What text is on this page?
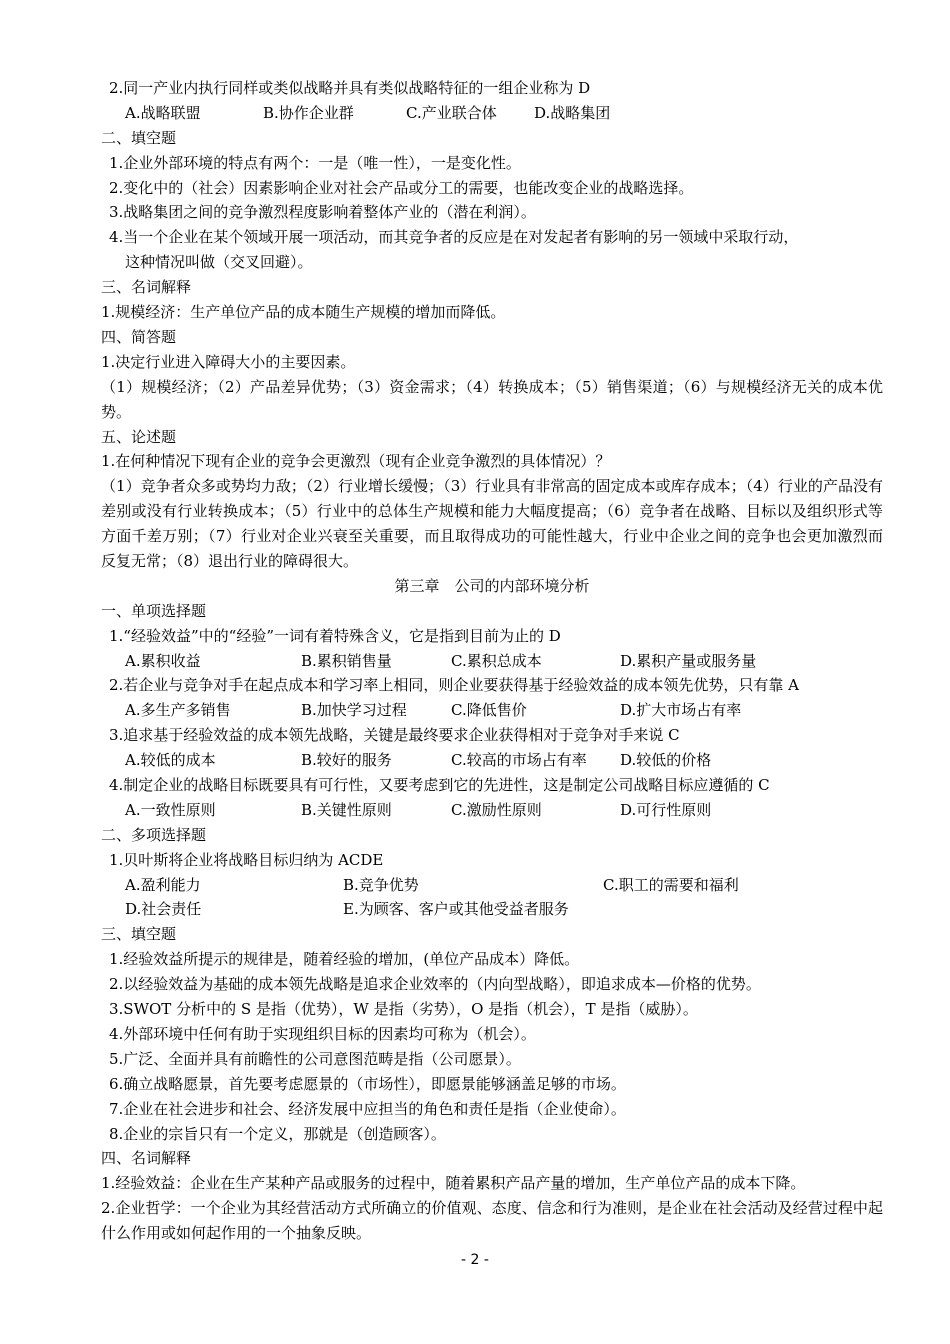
2.同一产业内执行同样或类似战略并具有类似战略特征的一组企业称为 D
A.战略联盟	B.协作企业群	C.产业联合体 D.战略集团
二、填空题
1.企业外部环境的特点有两个：一是（唯一性），一是变化性。
2.变化中的（社会）因素影响企业对社会产品或分工的需要，也能改变企业的战略选择。
3.战略集团之间的竞争激烈程度影响着整体产业的（潜在利润）。
4.当一个企业在某个领域开展一项活动，而其竞争者的反应是在对发起者有影响的另一领域中采取行动，
这种情况叫做（交叉回避）。
三、名词解释
1.规模经济：生产单位产品的成本随生产规模的增加而降低。
四、简答题
1.决定行业进入障碍大小的主要因素。
（1）规模经济；（2）产品差异优势；（3）资金需求；（4）转换成本；（5）销售渠道；（6）与规模经济无关的成本优势。
五、论述题
1.在何种情况下现有企业的竞争会更激烈（现有企业竞争激烈的具体情况）？
（1）竞争者众多或势均力敌；（2）行业增长缓慢；（3）行业具有非常高的固定成本或库存成本；（4）行业的产品没有差别或没有行业转换成本；（5）行业中的总体生产规模和能力大幅度提高；（6）竞争者在战略、目标以及组织形式等方面千差万别；（7）行业对企业兴衰至关重要，而且取得成功的可能性越大，行业中企业之间的竞争也会更加激烈而反复无常；（8）退出行业的障碍很大。
第三章　公司的内部环境分析
一、单项选择题
1.“经验效益”中的“经验”一词有着特殊含义，它是指到目前为止的 D
A.累积收益	B.累积销售量	C.累积总成本	D.累积产量或服务量
2.若企业与竞争对手在起点成本和学习率上相同，则企业要获得基于经验效益的成本领先优势，只有靠 A
A.多生产多销售	B.加快学习过程	C.降低售价	D.扩大市场占有率
3.追求基于经验效益的成本领先战略，关键是最终要求企业获得相对于竞争对手来说 C
A.较低的成本	B.较好的服务	C.较高的市场占有率 D.较低的价格
4.制定企业的战略目标既要具有可行性，又要考虑到它的先进性，这是制定公司战略目标应遵循的 C
A.一致性原则	B.关键性原则	C.激励性原则	D.可行性原则
二、多项选择题
1.贝叶斯将企业将战略目标归纳为 ACDE
A.盈利能力	B.竞争优势	C.职工的需要和福利
D.社会责任	E.为顾客、客户或其他受益者服务
三、填空题
1.经验效益所提示的规律是，随着经验的增加，(单位产品成本）降低。
2.以经验效益为基础的成本领先战略是追求企业效率的（内向型战略），即追求成本—价格的优势。
3.SWOT 分析中的 S 是指（优势），W 是指（劣势），O 是指（机会），T 是指（威胁）。
4.外部环境中任何有助于实现组织目标的因素均可称为（机会）。
5.广泛、全面并具有前瞻性的公司意图范畴是指（公司愿景）。
6.确立战略愿景，首先要考虑愿景的（市场性），即愿景能够涵盖足够的市场。
7.企业在社会进步和社会、经济发展中应担当的角色和责任是指（企业使命）。
8.企业的宗旨只有一个定义，那就是（创造顾客）。
四、名词解释
1.经验效益：企业在生产某种产品或服务的过程中，随着累积产品产量的增加，生产单位产品的成本下降。
2.企业哲学：一个企业为其经营活动方式所确立的价值观、态度、信念和行为准则，是企业在社会活动及经营过程中起什么作用或如何起作用的一个抽象反映。
- 2 -
